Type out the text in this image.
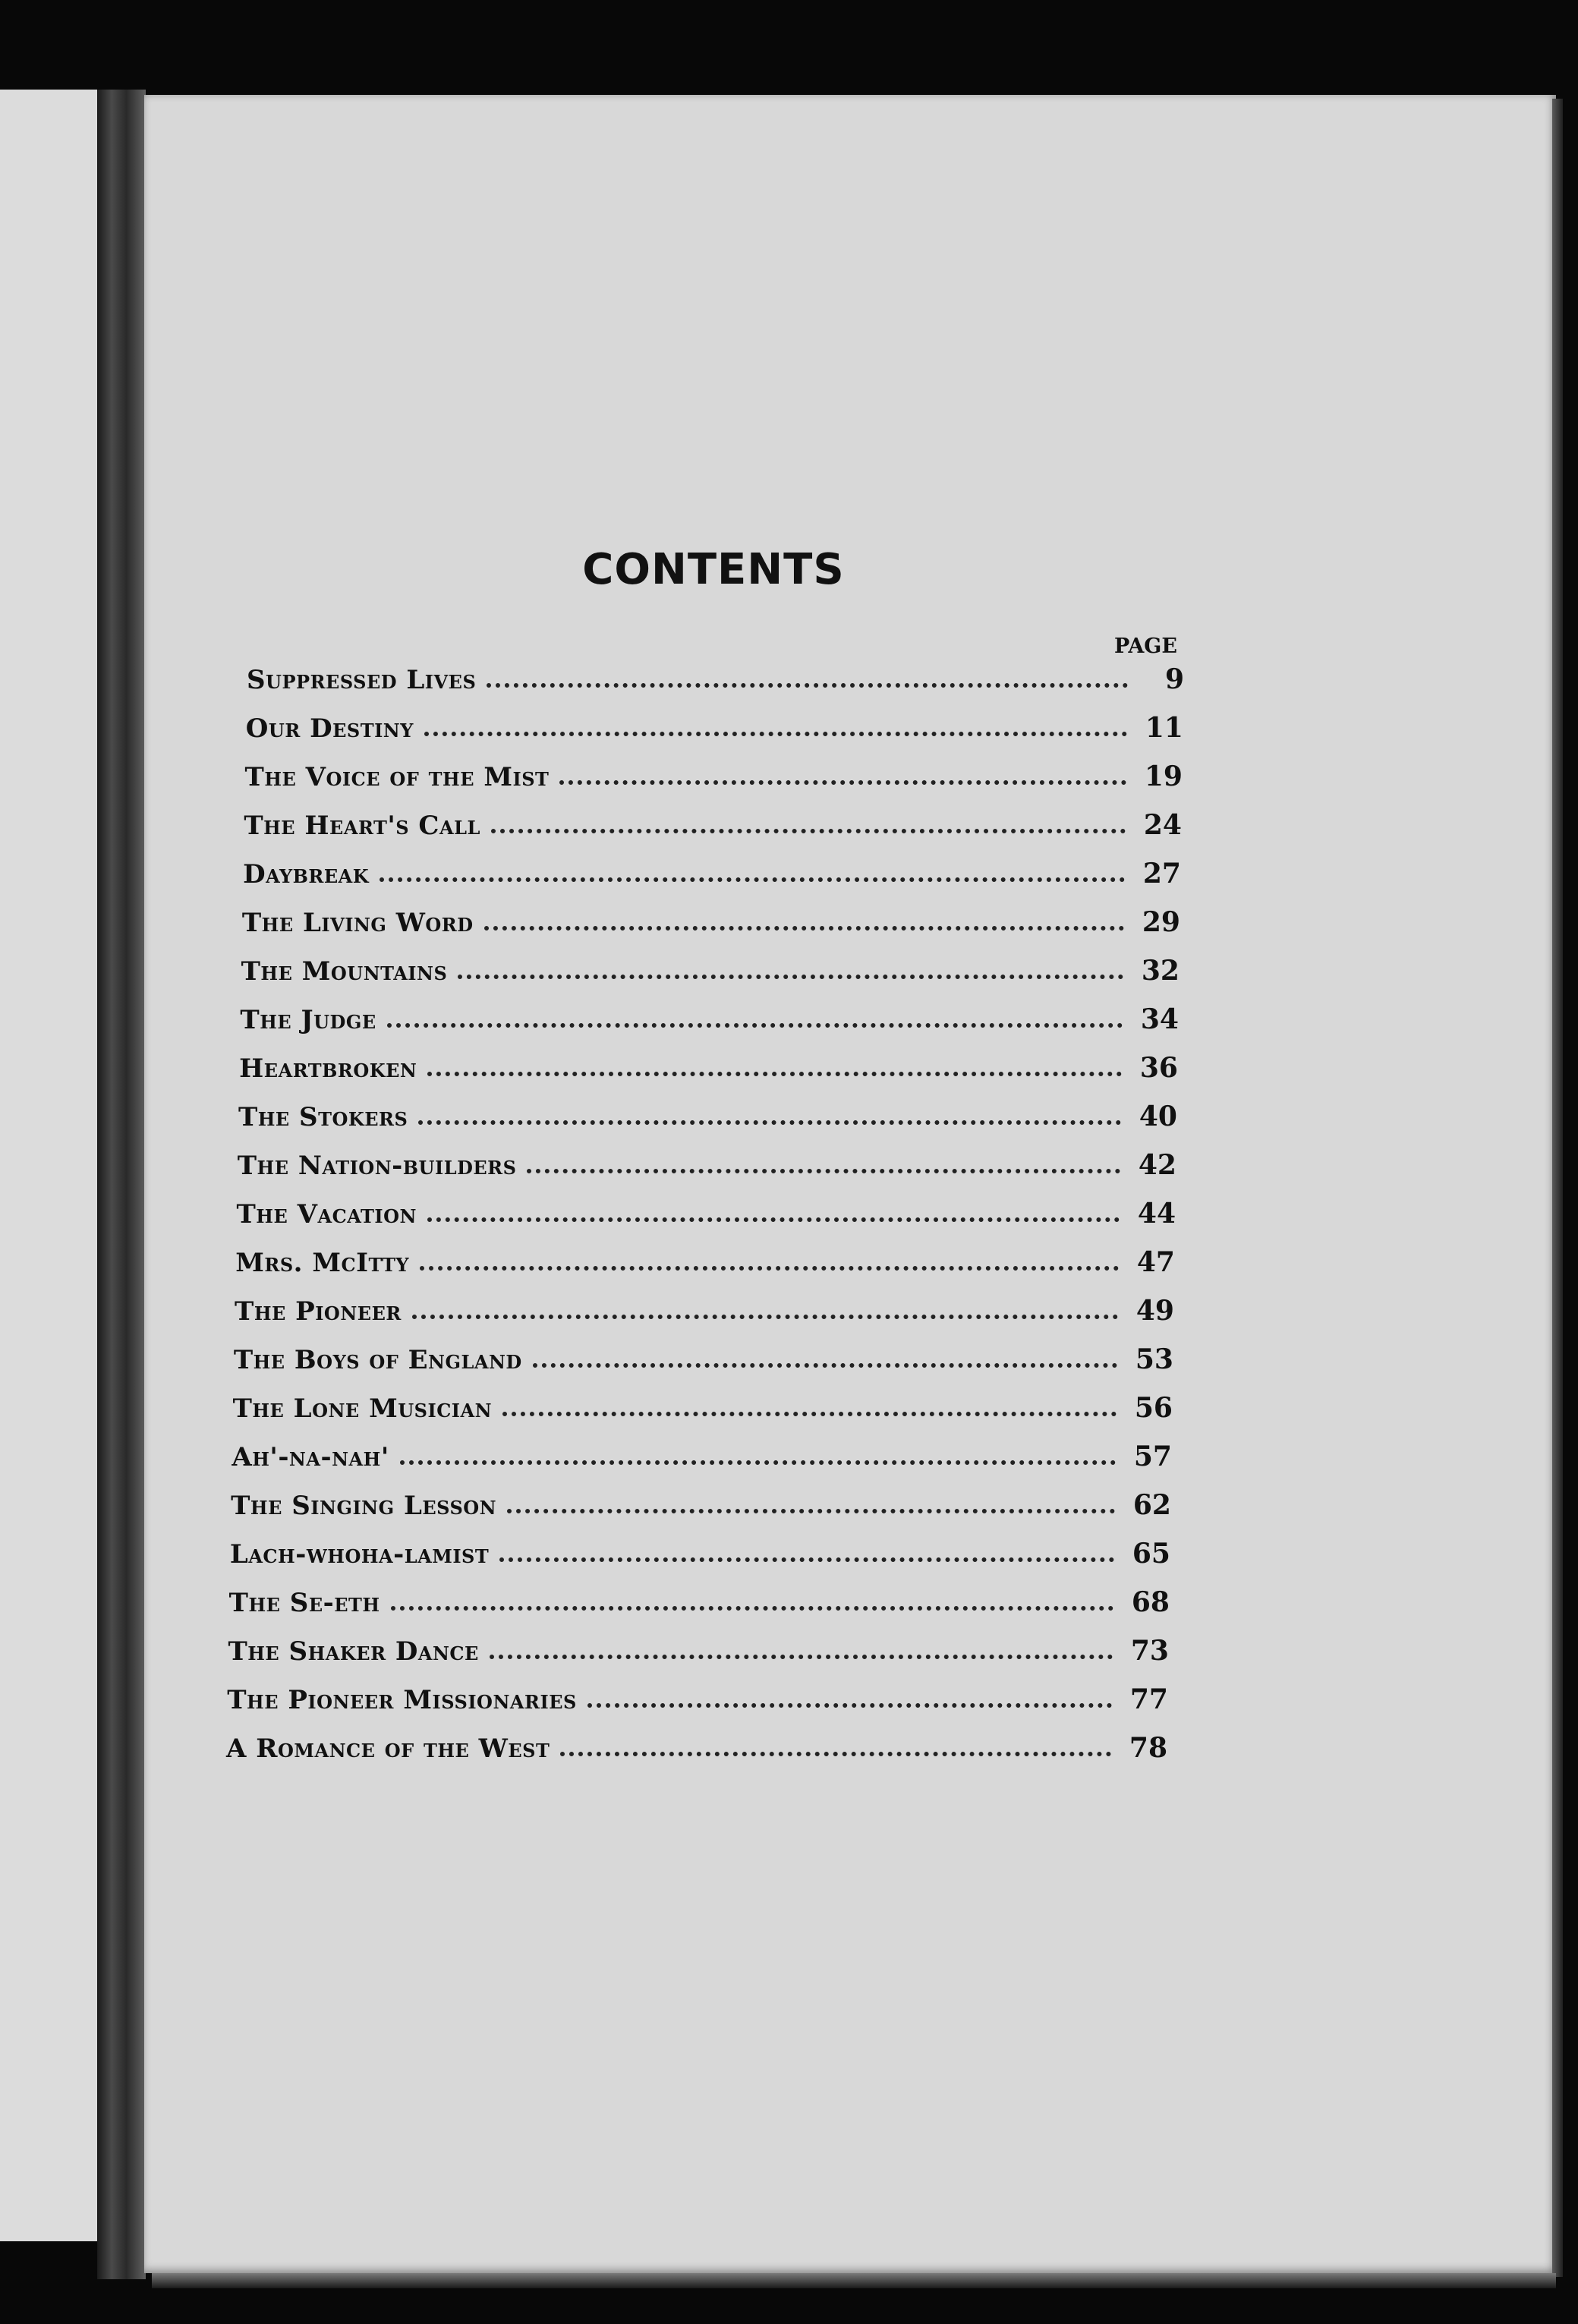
CONTENTS
PAGE
Suppressed Lives	9
Our Destiny	11
The Voice of the Mist	19
The Heart's Call	24
Daybreak	27
The Living Word	29
The Mountains	32
The Judge	34
Heartbroken	36
The Stokers	40
The Nation-builders	42
The Vacation	44
Mrs. McItty	47
The Pioneer	49
The Boys of England	53
The Lone Musician	56
Ah'-na-nah'	57
The Singing Lesson	62
Lach-whoha-lamist	65
The Se-eth	68
The Shaker Dance	73
The Pioneer Missionaries	77
A Romance of the West	78
